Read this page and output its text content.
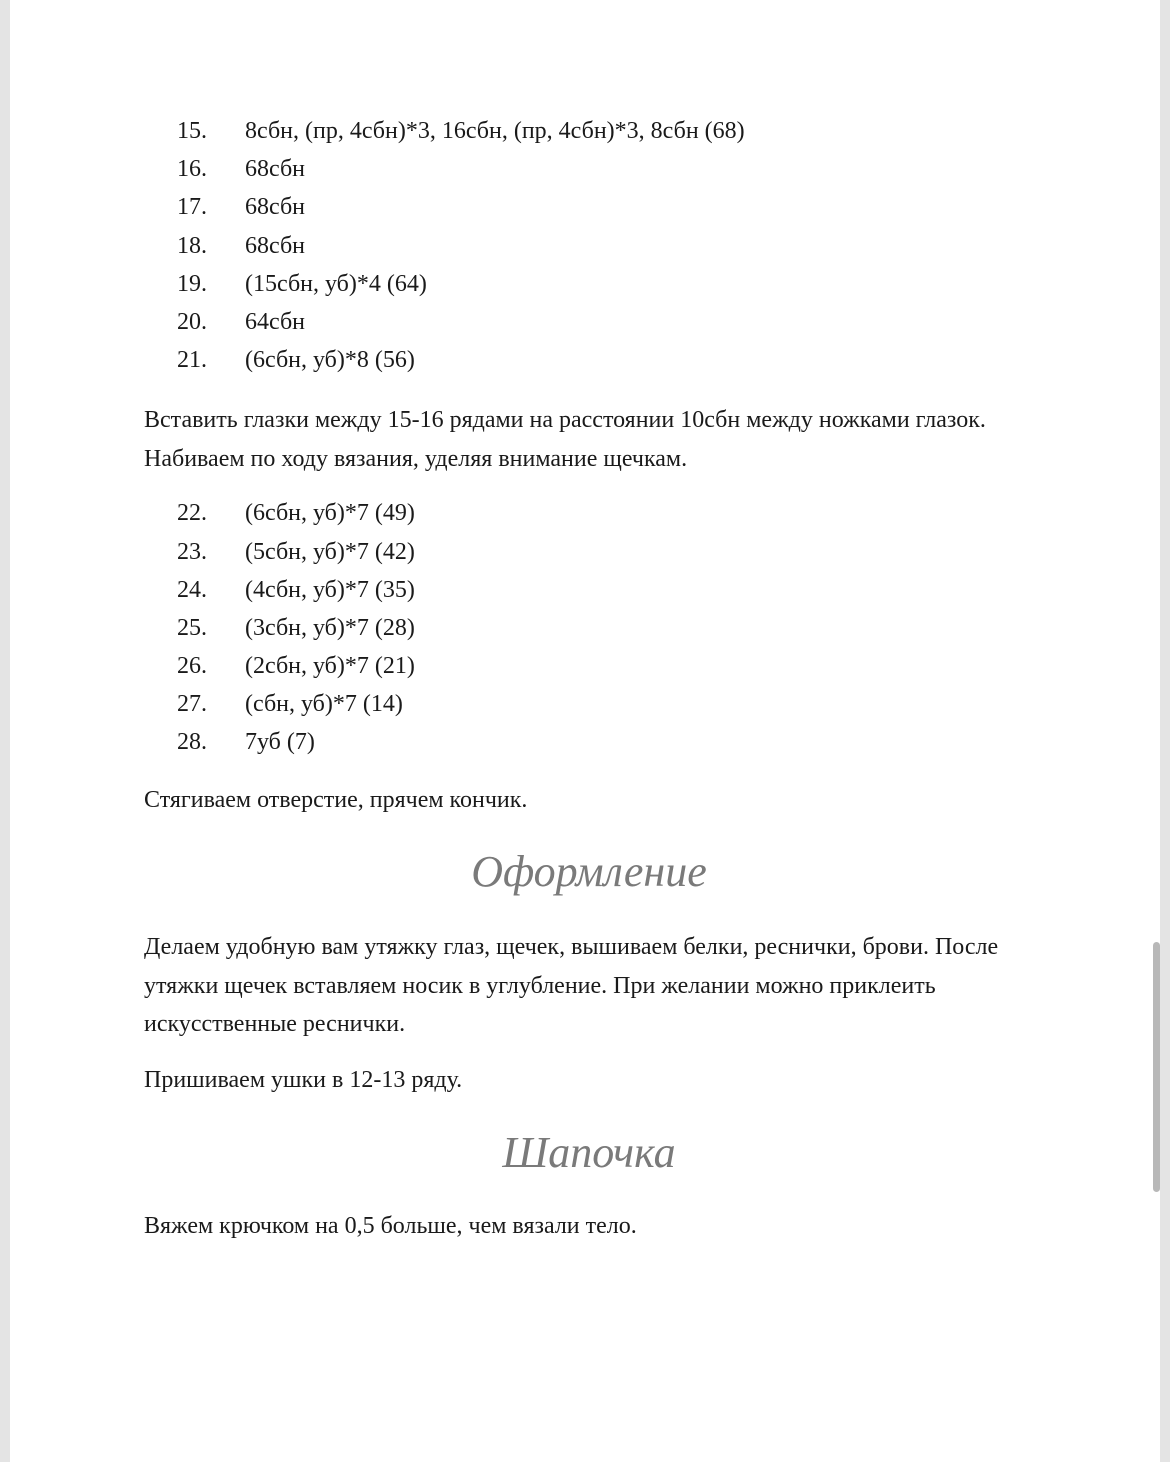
15.	8сбн, (пр, 4сбн)*3, 16сбн, (пр, 4сбн)*3, 8сбн (68)
16.	68сбн
17.	68сбн
18.	68сбн
19.	(15сбн, уб)*4 (64)
20.	64сбн
21.	(6сбн, уб)*8 (56)

Вставить глазки между 15-16 рядами на расстоянии 10сбн между ножками глазок. Набиваем по ходу вязания, уделяя внимание щечкам.

22.	(6сбн, уб)*7 (49)
23.	(5сбн, уб)*7 (42)
24.	(4сбн, уб)*7 (35)
25.	(3сбн, уб)*7 (28)
26.	(2сбн, уб)*7 (21)
27.	(сбн, уб)*7 (14)
28.	7уб (7)

Стягиваем отверстие, прячем кончик.

Оформление

Делаем удобную вам утяжку глаз, щечек, вышиваем белки, реснички, брови. После утяжки щечек вставляем носик в углубление. При желании можно приклеить искусственные реснички.

Пришиваем ушки в 12-13 ряду.

Шапочка

Вяжем крючком на 0,5 больше, чем вязали тело.
